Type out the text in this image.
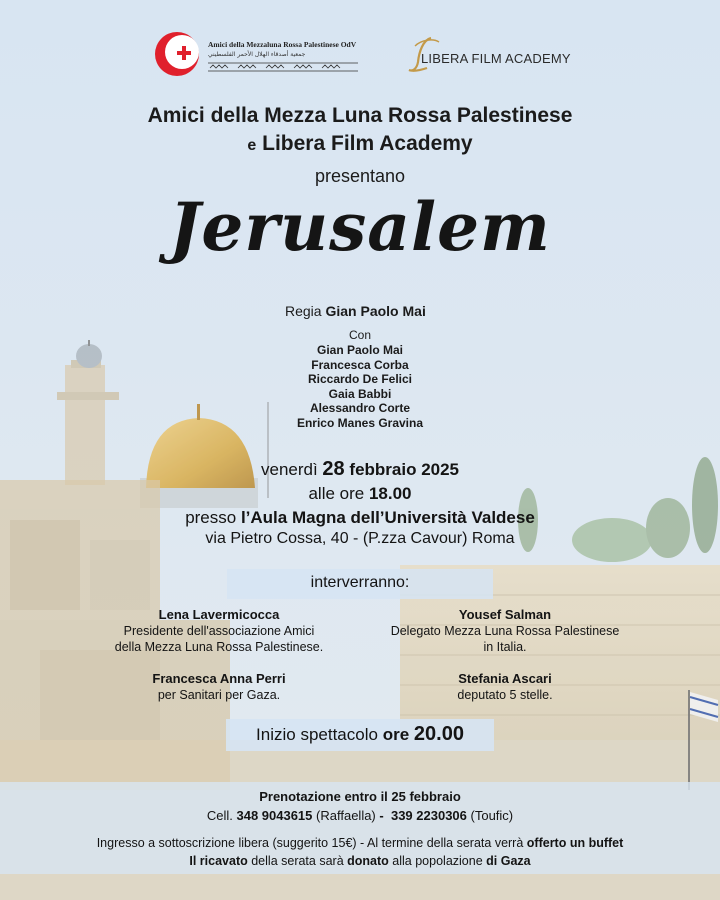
Amici della Mezzaluna Rossa Palestinese OdV
جمعية أصدقاء الهلال الأحمر الفلسطيني	LIBERA FILM ACADEMY
Amici della Mezza Luna Rossa Palestinese
e Libera Film Academy
presentano
Jerusalem
Regia Gian Paolo Mai
Con
Gian Paolo Mai
Francesca Corba
Riccardo De Felici
Gaia Babbi
Alessandro Corte
Enrico Manes Gravina
venerdì 28 febbraio 2025
alle ore 18.00
presso l’Aula Magna dell’Università Valdese
via Pietro Cossa, 40 - (P.zza Cavour) Roma
interverranno:
Lena Lavermicocca
Presidente dell'associazione Amici
della Mezza Luna Rossa Palestinese.
Yousef Salman
Delegato Mezza Luna Rossa Palestinese
in Italia.
Francesca Anna Perri
per Sanitari per Gaza.
Stefania Ascari
deputato 5 stelle.
Inizio spettacolo ore 20.00
Prenotazione entro il 25 febbraio
Cell. 348 9043615 (Raffaella) - 339 2230306 (Toufic)
Ingresso a sottoscrizione libera (suggerito 15€) - Al termine della serata verrà offerto un buffet
Il ricavato della serata sarà donato alla popolazione di Gaza
